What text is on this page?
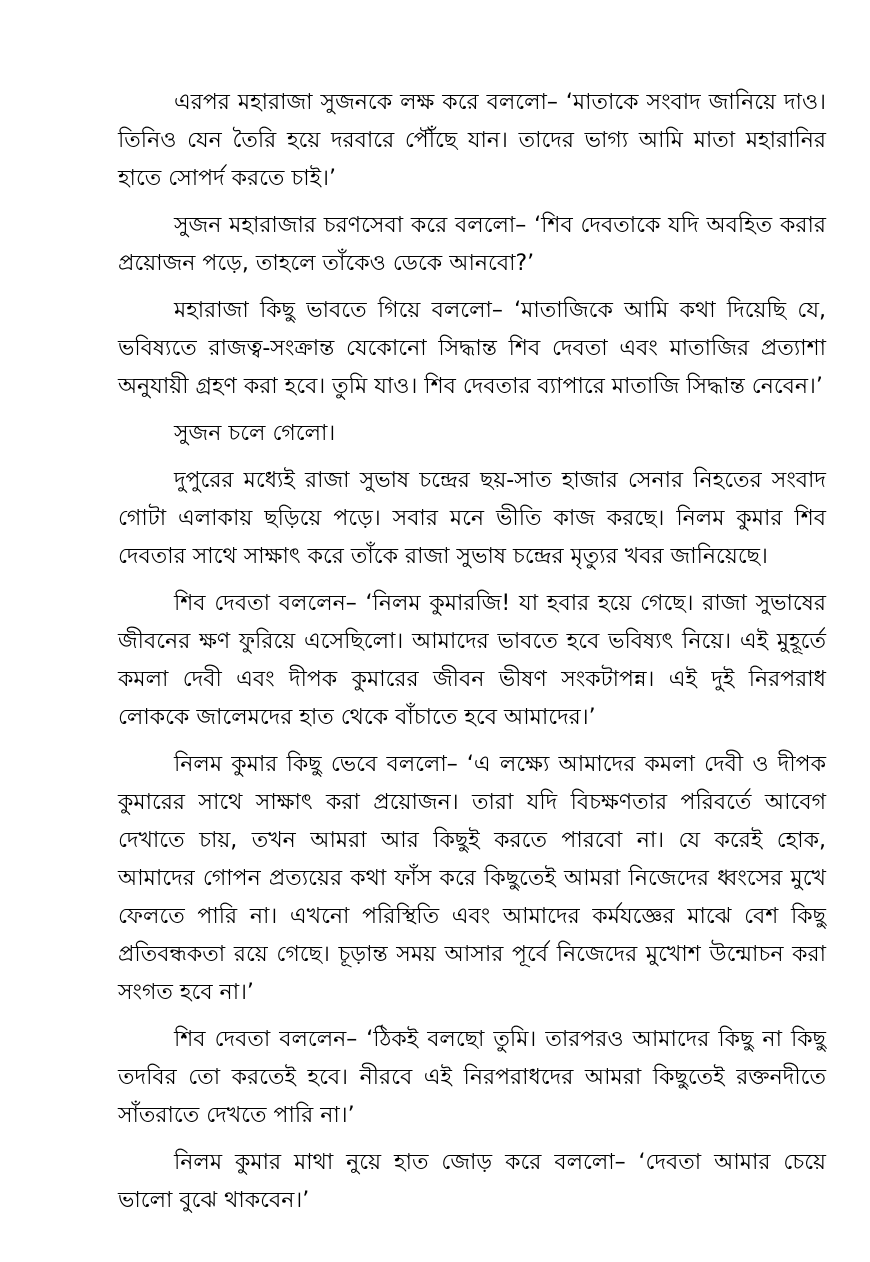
এরপর মহারাজা সুজনকে লক্ষ করে বললো– ‘মাতাকে সংবাদ জানিয়ে দাও। তিনিও যেন তৈরি হয়ে দরবারে পৌঁছে যান। তাদের ভাগ্য আমি মাতা মহারানির হাতে সোপর্দ করতে চাই।’

সুজন মহারাজার চরণসেবা করে বললো– ‘শিব দেবতাকে যদি অবহিত করার প্রয়োজন পড়ে, তাহলে তাঁকেও ডেকে আনবো?’

মহারাজা কিছু ভাবতে গিয়ে বললো– ‘মাতাজিকে আমি কথা দিয়েছি যে, ভবিষ্যতে রাজত্ব-সংক্রান্ত যেকোনো সিদ্ধান্ত শিব দেবতা এবং মাতাজির প্রত্যাশা অনুযায়ী গ্রহণ করা হবে। তুমি যাও। শিব দেবতার ব্যাপারে মাতাজি সিদ্ধান্ত নেবেন।’

সুজন চলে গেলো।

দুপুরের মধ্যেই রাজা সুভাষ চন্দ্রের ছয়-সাত হাজার সেনার নিহতের সংবাদ গোটা এলাকায় ছড়িয়ে পড়ে। সবার মনে ভীতি কাজ করছে। নিলম কুমার শিব দেবতার সাথে সাক্ষাৎ করে তাঁকে রাজা সুভাষ চন্দ্রের মৃত্যুর খবর জানিয়েছে।

শিব দেবতা বললেন– ‘নিলম কুমারজি! যা হবার হয়ে গেছে। রাজা সুভাষের জীবনের ক্ষণ ফুরিয়ে এসেছিলো। আমাদের ভাবতে হবে ভবিষ্যৎ নিয়ে। এই মুহূর্তে কমলা দেবী এবং দীপক কুমারের জীবন ভীষণ সংকটাপন্ন। এই দুই নিরপরাধ লোককে জালেমদের হাত থেকে বাঁচাতে হবে আমাদের।’

নিলম কুমার কিছু ভেবে বললো– ‘এ লক্ষ্যে আমাদের কমলা দেবী ও দীপক কুমারের সাথে সাক্ষাৎ করা প্রয়োজন। তারা যদি বিচক্ষণতার পরিবর্তে আবেগ দেখাতে চায়, তখন আমরা আর কিছুই করতে পারবো না। যে করেই হোক, আমাদের গোপন প্রত্যয়ের কথা ফাঁস করে কিছুতেই আমরা নিজেদের ধ্বংসের মুখে ফেলতে পারি না। এখনো পরিস্থিতি এবং আমাদের কর্মযজ্ঞের মাঝে বেশ কিছু প্রতিবন্ধকতা রয়ে গেছে। চূড়ান্ত সময় আসার পূর্বে নিজেদের মুখোশ উন্মোচন করা সংগত হবে না।’

শিব দেবতা বললেন– ‘ঠিকই বলছো তুমি। তারপরও আমাদের কিছু না কিছু তদবির তো করতেই হবে। নীরবে এই নিরপরাধদের আমরা কিছুতেই রক্তনদীতে সাঁতরাতে দেখতে পারি না।’

নিলম কুমার মাথা নুয়ে হাত জোড় করে বললো– ‘দেবতা আমার চেয়ে ভালো বুঝে থাকবেন।’
